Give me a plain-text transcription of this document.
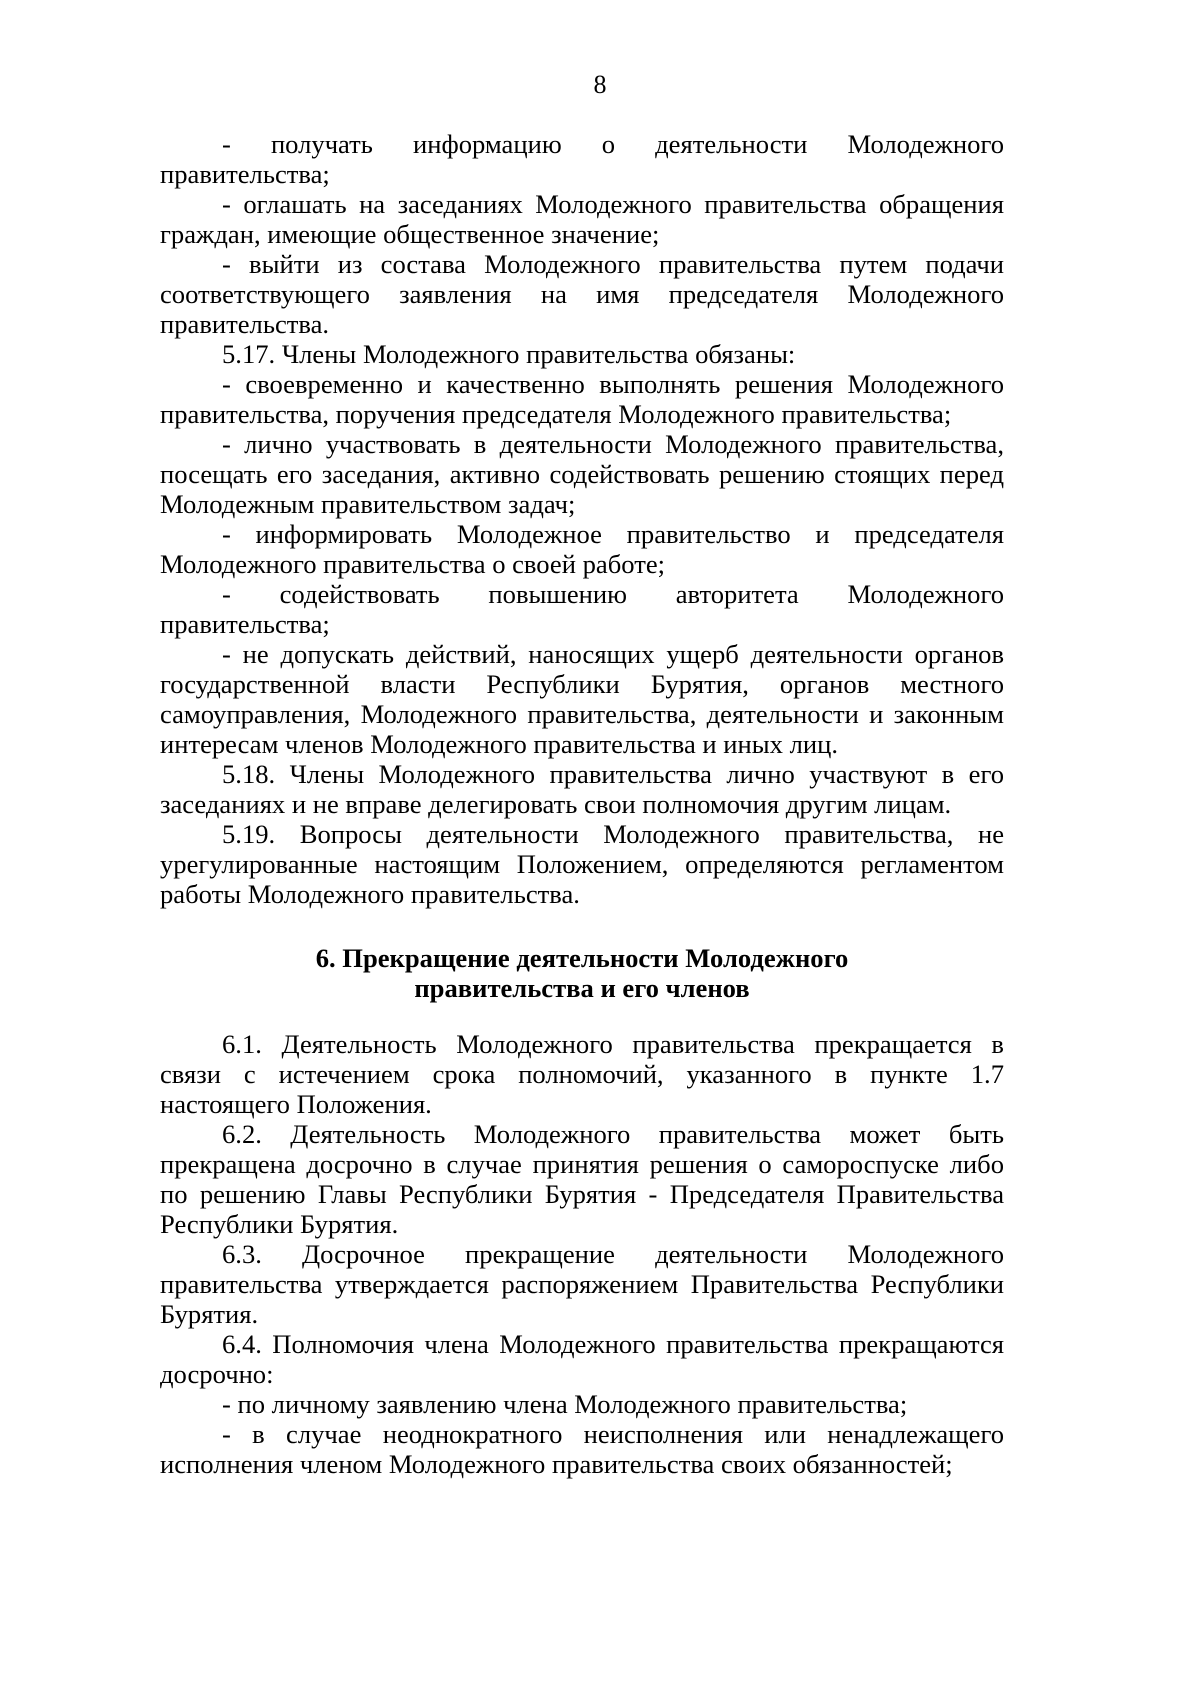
8

- получать информацию о деятельности Молодежного правительства;

- оглашать на заседаниях Молодежного правительства обращения граждан, имеющие общественное значение;

- выйти из состава Молодежного правительства путем подачи соответствующего заявления на имя председателя Молодежного правительства.

5.17. Члены Молодежного правительства обязаны:

- своевременно и качественно выполнять решения Молодежного правительства, поручения председателя Молодежного правительства;

- лично участвовать в деятельности Молодежного правительства, посещать его заседания, активно содействовать решению стоящих перед Молодежным правительством задач;

- информировать Молодежное правительство и председателя Молодежного правительства о своей работе;

- содействовать повышению авторитета Молодежного правительства;

- не допускать действий, наносящих ущерб деятельности органов государственной власти Республики Бурятия, органов местного самоуправления, Молодежного правительства, деятельности и законным интересам членов Молодежного правительства и иных лиц.

5.18. Члены Молодежного правительства лично участвуют в его заседаниях и не вправе делегировать свои полномочия другим лицам.

5.19. Вопросы деятельности Молодежного правительства, не урегулированные настоящим Положением, определяются регламентом работы Молодежного правительства.

6. Прекращение деятельности Молодежного

правительства и его членов

6.1. Деятельность Молодежного правительства прекращается в связи с истечением срока полномочий, указанного в пункте 1.7 настоящего Положения.

6.2. Деятельность Молодежного правительства может быть прекращена досрочно в случае принятия решения о самороспуске либо по решению Главы Республики Бурятия - Председателя Правительства Республики Бурятия.

6.3. Досрочное прекращение деятельности Молодежного правительства утверждается распоряжением Правительства Республики Бурятия.

6.4. Полномочия члена Молодежного правительства прекращаются досрочно:

- по личному заявлению члена Молодежного правительства;

- в случае неоднократного неисполнения или ненадлежащего исполнения членом Молодежного правительства своих обязанностей;
